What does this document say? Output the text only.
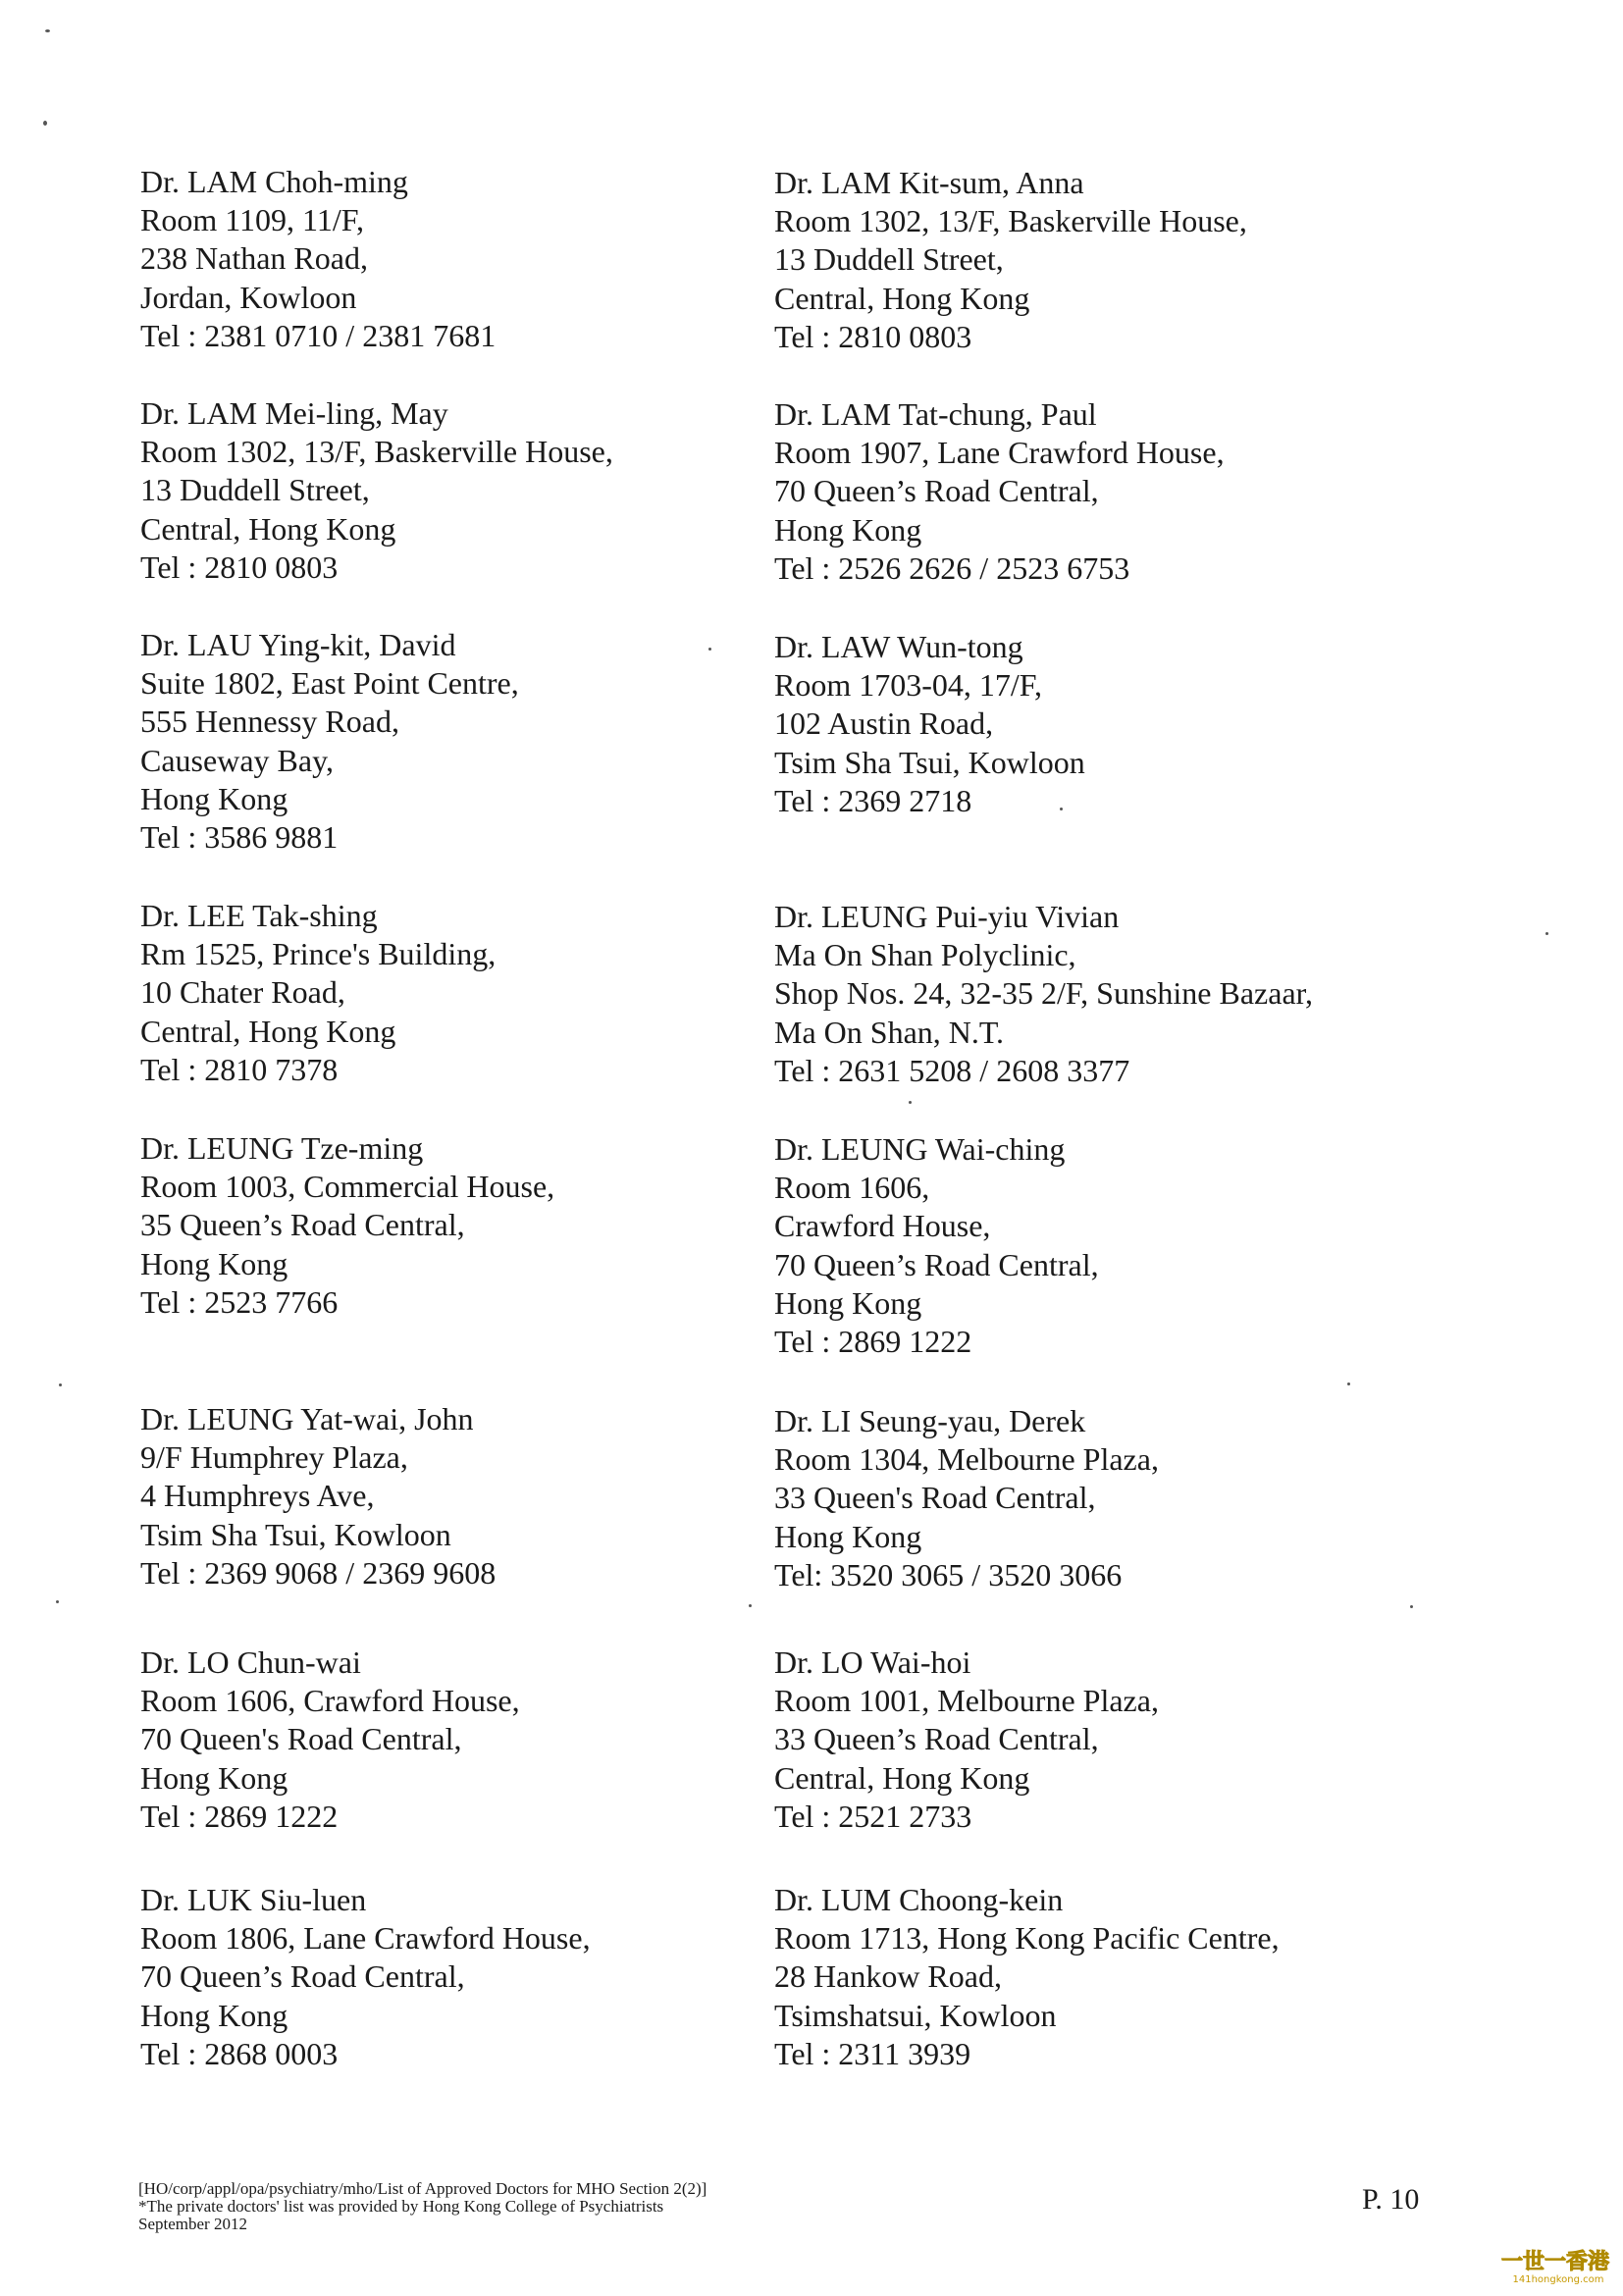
Dr. LAM Choh-ming
Room 1109, 11/F,
238 Nathan Road,
Jordan, Kowloon
Tel : 2381 0710 / 2381 7681
Dr. LAM Mei-ling, May
Room 1302, 13/F, Baskerville House,
13 Duddell Street,
Central, Hong Kong
Tel : 2810 0803
Dr. LAU Ying-kit, David
Suite 1802, East Point Centre,
555 Hennessy Road,
Causeway Bay,
Hong Kong
Tel : 3586 9881
Dr. LEE Tak-shing
Rm 1525, Prince's Building,
10 Chater Road,
Central, Hong Kong
Tel : 2810 7378
Dr. LEUNG Tze-ming
Room 1003, Commercial House,
35 Queen’s Road Central,
Hong Kong
Tel : 2523 7766
Dr. LEUNG Yat-wai, John
9/F Humphrey Plaza,
4 Humphreys Ave,
Tsim Sha Tsui, Kowloon
Tel : 2369 9068 / 2369 9608
Dr. LO Chun-wai
Room 1606, Crawford House,
70 Queen's Road Central,
Hong Kong
Tel : 2869 1222
Dr. LUK Siu-luen
Room 1806, Lane Crawford House,
70 Queen’s Road Central,
Hong Kong
Tel : 2868 0003
Dr. LAM Kit-sum, Anna
Room 1302, 13/F, Baskerville House,
13 Duddell Street,
Central, Hong Kong
Tel : 2810 0803
Dr. LAM Tat-chung, Paul
Room 1907, Lane Crawford House,
70 Queen’s Road Central,
Hong Kong
Tel : 2526 2626 / 2523 6753
Dr. LAW Wun-tong
Room 1703-04, 17/F,
102 Austin Road,
Tsim Sha Tsui, Kowloon
Tel : 2369 2718
Dr. LEUNG Pui-yiu Vivian
Ma On Shan Polyclinic,
Shop Nos. 24, 32-35 2/F, Sunshine Bazaar,
Ma On Shan, N.T.
Tel : 2631 5208 / 2608 3377
Dr. LEUNG Wai-ching
Room 1606,
Crawford House,
70 Queen’s Road Central,
Hong Kong
Tel : 2869 1222
Dr. LI Seung-yau, Derek
Room 1304, Melbourne Plaza,
33 Queen's Road Central,
Hong Kong
Tel: 3520 3065 / 3520 3066
Dr. LO Wai-hoi
Room 1001, Melbourne Plaza,
33 Queen’s Road Central,
Central, Hong Kong
Tel : 2521 2733
Dr. LUM Choong-kein
Room 1713, Hong Kong Pacific Centre,
28 Hankow Road,
Tsimshatsui, Kowloon
Tel : 2311 3939
[HO/corp/appl/opa/psychiatry/mho/List of Approved Doctors for MHO Section 2(2)]
*The private doctors' list was provided by Hong Kong College of Psychiatrists
September 2012
P. 10
一世一香港
141hongkong.com
